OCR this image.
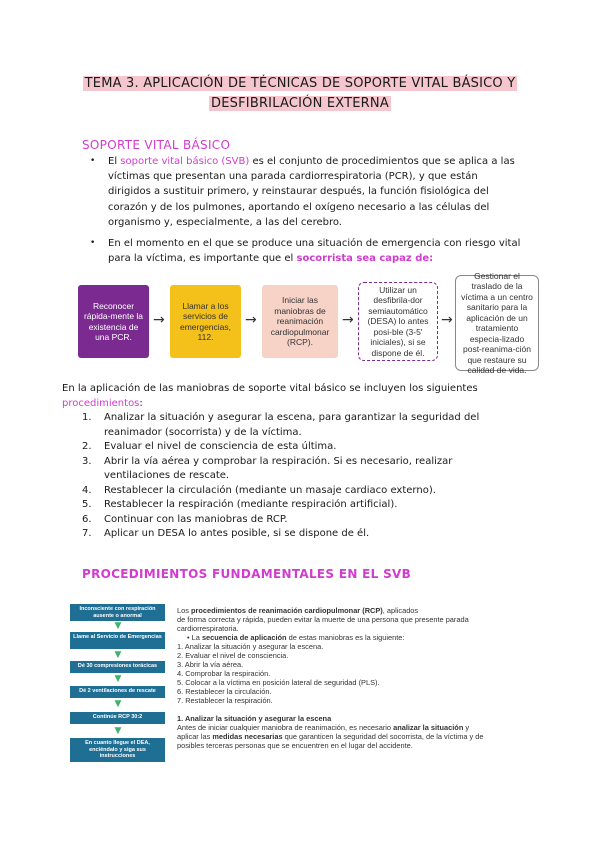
TEMA 3. APLICACIÓN DE TÉCNICAS DE SOPORTE VITAL BÁSICO Y
DESFIBRILACIÓN EXTERNA
SOPORTE VITAL BÁSICO
• El soporte vital básico (SVB) es el conjunto de procedimientos que se aplica a las
víctimas que presentan una parada cardiorrespiratoria (PCR), y que están
dirigidos a sustituir primero, y reinstaurar después, la función fisiológica del
corazón y de los pulmones, aportando el oxígeno necesario a las células del
organismo y, especialmente, a las del cerebro.
• En el momento en el que se produce una situación de emergencia con riesgo vital
para la víctima, es importante que el socorrista sea capaz de:
Reconocer rápida-mente la existencia de una PCR.
→
Llamar a los servicios de emergencias, 112.
→
Iniciar las maniobras de reanimación cardiopulmonar (RCP).
→
Utilizar un desfibrila-dor semiautomático (DESA) lo antes posi-ble (3-5' iniciales), si se dispone de él.
→
Gestionar el traslado de la víctima a un centro sanitario para la aplicación de un tratamiento especia-lizado post-reanima-ción que restaure su calidad de vida.
En la aplicación de las maniobras de soporte vital básico se incluyen los siguientes
procedimientos:
1. Analizar la situación y asegurar la escena, para garantizar la seguridad del
reanimador (socorrista) y de la víctima.
2. Evaluar el nivel de consciencia de esta última.
3. Abrir la vía aérea y comprobar la respiración. Si es necesario, realizar
ventilaciones de rescate.
4. Restablecer la circulación (mediante un masaje cardiaco externo).
5. Restablecer la respiración (mediante respiración artificial).
6. Continuar con las maniobras de RCP.
7. Aplicar un DESA lo antes posible, si se dispone de él.
PROCEDIMIENTOS FUNDAMENTALES EN EL SVB
Inconsciente con respiración ausente o anormal
▼
Llame al Servicio de Emergencias
▼
Dé 30 compresiones torácicas
▼
Dé 2 ventilaciones de rescate
▼
Continúe RCP 30:2
▼
En cuanto llegue el DEA, enciéndalo y siga sus instrucciones
Los procedimientos de reanimación cardiopulmonar (RCP), aplicados
de forma correcta y rápida, pueden evitar la muerte de una persona que presente parada
cardiorrespiratoria.
• La secuencia de aplicación de estas maniobras es la siguiente:
1. Analizar la situación y asegurar la escena.
2. Evaluar el nivel de consciencia.
3. Abrir la vía aérea.
4. Comprobar la respiración.
5. Colocar a la víctima en posición lateral de seguridad (PLS).
6. Restablecer la circulación.
7. Restablecer la respiración.
1. Analizar la situación y asegurar la escena
Antes de iniciar cualquier maniobra de reanimación, es necesario analizar la situación y
aplicar las medidas necesarias que garanticen la seguridad del socorrista, de la víctima y de
posibles terceras personas que se encuentren en el lugar del accidente.
